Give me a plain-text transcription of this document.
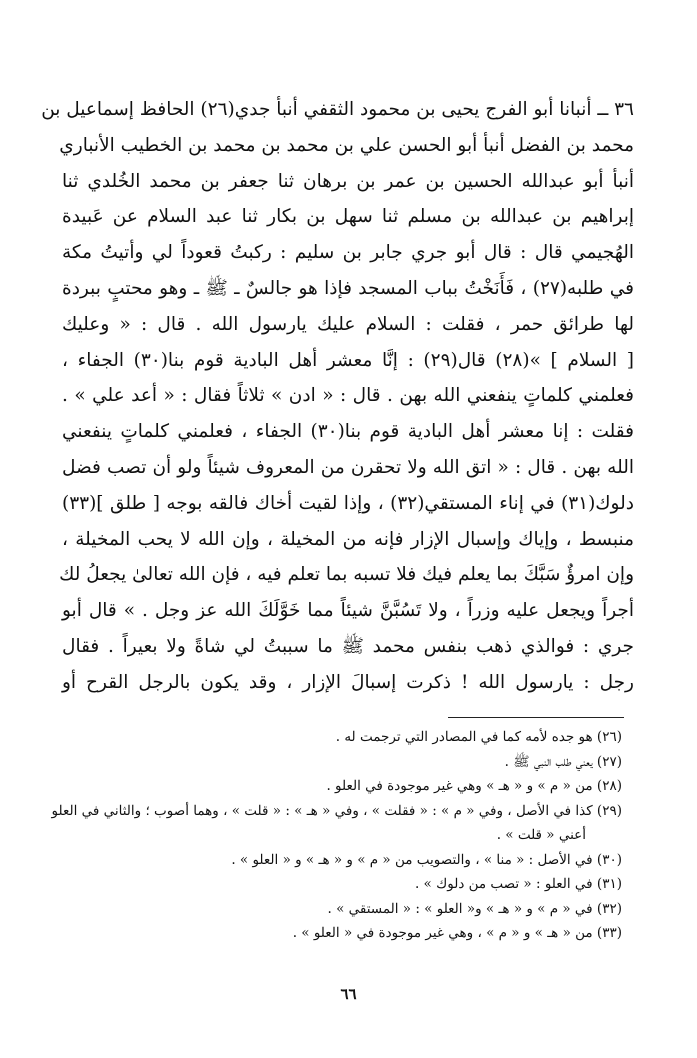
٣٦ ــ أنبانا أبو الفرج يحيى بن محمود الثقفي أنبأ جدي(٢٦) الحافظ إسماعيل بن
محمد بن الفضل أنبأ أبو الحسن علي بن محمد بن محمد بن الخطيب الأنباري
أنبأ أبو عبدالله الحسين بن عمر بن برهان ثنا جعفر بن محمد الخُلدي ثنا
إبراهيم بن عبدالله بن مسلم ثنا سهل بن بكار ثنا عبد السلام عن عَبيدة
الهُجيمي قال : قال أبو جري جابر بن سليم : ركبتُ قعوداً لي وأتيتُ مكة
في طلبه(٢٧) ، فَأَنَخْتُ بباب المسجد فإذا هو جالسٌ ـ ﷺ ـ وهو محتبٍ ببردة
لها طرائق حمر ، فقلت : السلام عليك يارسول الله . قال : « وعليك
[ السلام ] »(٢٨) قال(٢٩) : إنَّا معشر أهل البادية قوم بنا(٣٠) الجفاء ،
فعلمني كلماتٍ ينفعني الله بهن . قال : « ادن » ثلاثاً فقال : « أعد علي » .
فقلت : إنا معشر أهل البادية قوم بنا(٣٠) الجفاء ، فعلمني كلماتٍ ينفعني
الله بهن . قال : « اتق الله ولا تحقرن من المعروف شيئاً ولو أن تصب فضل
دلوك(٣١) في إناء المستقي(٣٢) ، وإذا لقيت أخاك فالقه بوجه [ طلق ](٣٣)
منبسط ، وإياك وإسبال الإزار فإنه من المخيلة ، وإن الله لا يحب المخيلة ،
وإن امرؤٌ سَبَّكَ بما يعلم فيك فلا تسبه بما تعلم فيه ، فإن الله تعالىٰ يجعلُ لك
أجراً ويجعل عليه وزراً ، ولا تَسُبَّنَّ شيئاً مما خَوَّلَكَ الله عز وجل . » قال أبو
جري : فوالذي ذهب بنفس محمد ﷺ ما سببتُ لي شاةً ولا بعيراً . فقال
رجل : يارسول الله ! ذكرت إسبالَ الإزار ، وقد يكون بالرجل القرح أو
(٢٦) هو جده لأمه كما في المصادر التي ترجمت له .
(٢٧) يعني طلب النبي ﷺ .
(٢٨) من « م » و « هـ » وهي غير موجودة في العلو .
(٢٩) كذا في الأصل ، وفي « م » : « فقلت » ، وفي « هـ » : « قلت » ، وهما أصوب ؛ والثاني في العلو
أعني « قلت » .
(٣٠) في الأصل : « منا » ، والتصويب من « م » و « هـ » و « العلو » .
(٣١) في العلو : « تصب من دلوك » .
(٣٢) في « م » و « هـ » و« العلو » : « المستقي » .
(٣٣) من « هـ » و « م » ، وهي غير موجودة في « العلو » .
٦٦
